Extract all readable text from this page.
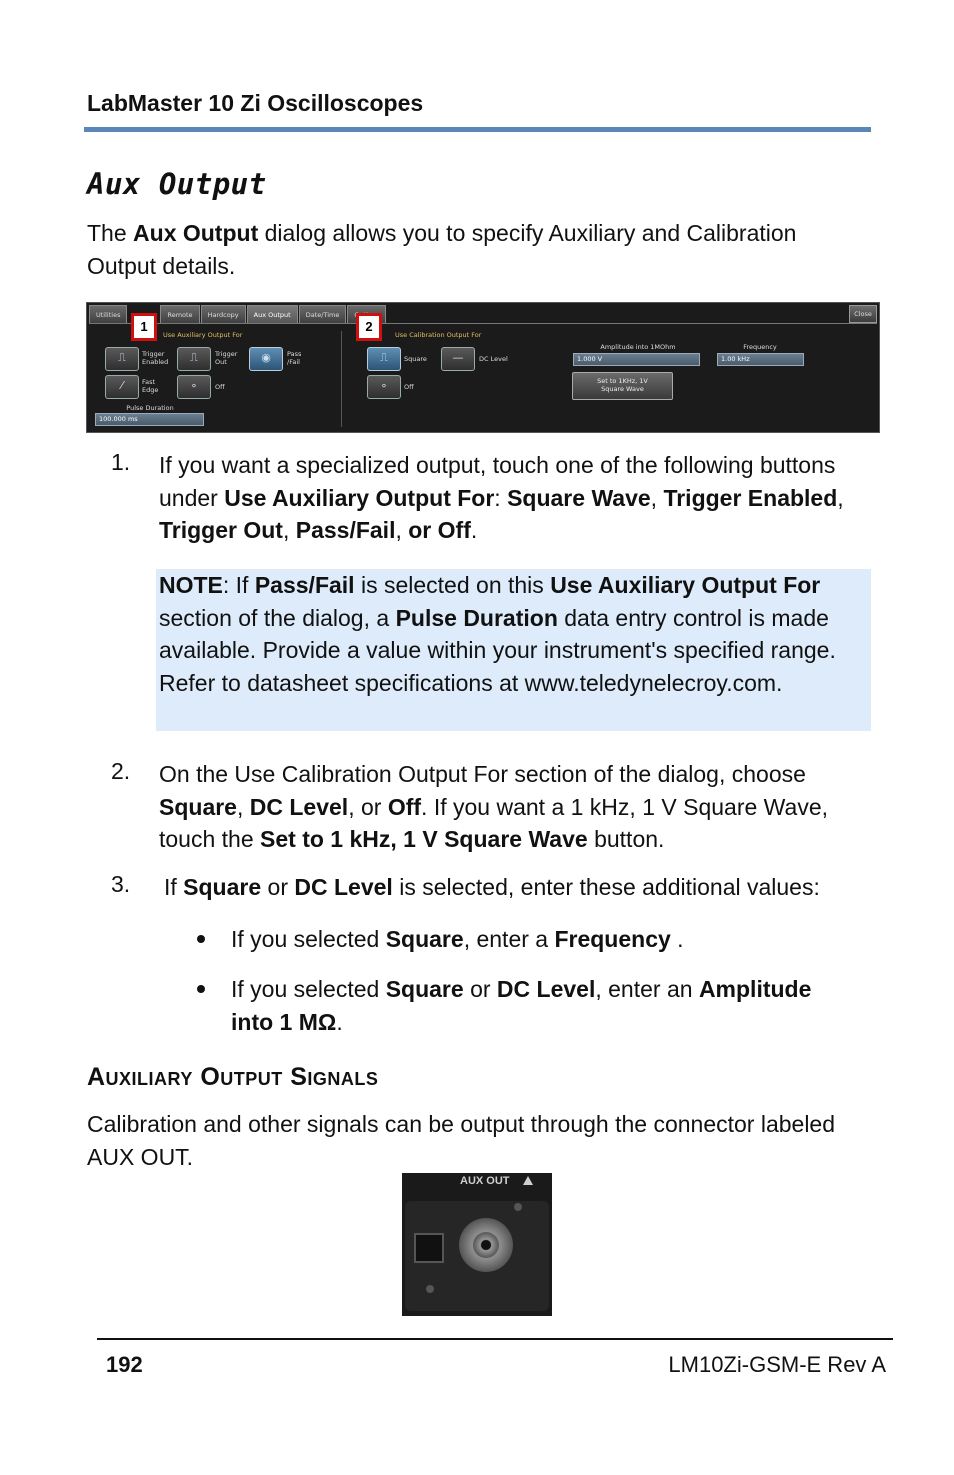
LabMaster 10 Zi Oscilloscopes
Aux Output
The Aux Output dialog allows you to specify Auxiliary and Calibration Output details.
Utilities	Remote	Hardcopy	Aux Output	Date/Time	Close
Use Auxiliary Output For	Use Calibration Output For
⎍	⎍
Trigger Enabled
Trigger Out	◉	Pass /Fail
⁄	Fast Edge	∘	Off
Pulse Duration
100.000 ms
⎍	Square	—	DC Level
∘	Off
Amplitude into 1MOhm
1.000 V
Frequency
1.00 kHz
Set to 1KHz, 1V
Square Wave
1	2
1. If you want a specialized output, touch one of the following buttons under Use Auxiliary Output For: Square Wave, Trigger Enabled, Trigger Out, Pass/Fail, or Off.
NOTE: If Pass/Fail is selected on this Use Auxiliary Output For section of the dialog, a Pulse Duration data entry control is made available. Provide a value within your instrument's specified range. Refer to datasheet specifications at www.teledynelecroy.com.
2. On the Use Calibration Output For section of the dialog, choose Square, DC Level, or Off. If you want a 1 kHz, 1 V Square Wave, touch the Set to 1 kHz, 1 V Square Wave button.
3. If Square or DC Level is selected, enter these additional values:
If you selected Square, enter a Frequency .
If you selected Square or DC Level, enter an Amplitude into 1 MΩ.
Auxiliary Output Signals
Calibration and other signals can be output through the connector labeled AUX OUT.
AUX OUT
192	LM10Zi-GSM-E Rev A
